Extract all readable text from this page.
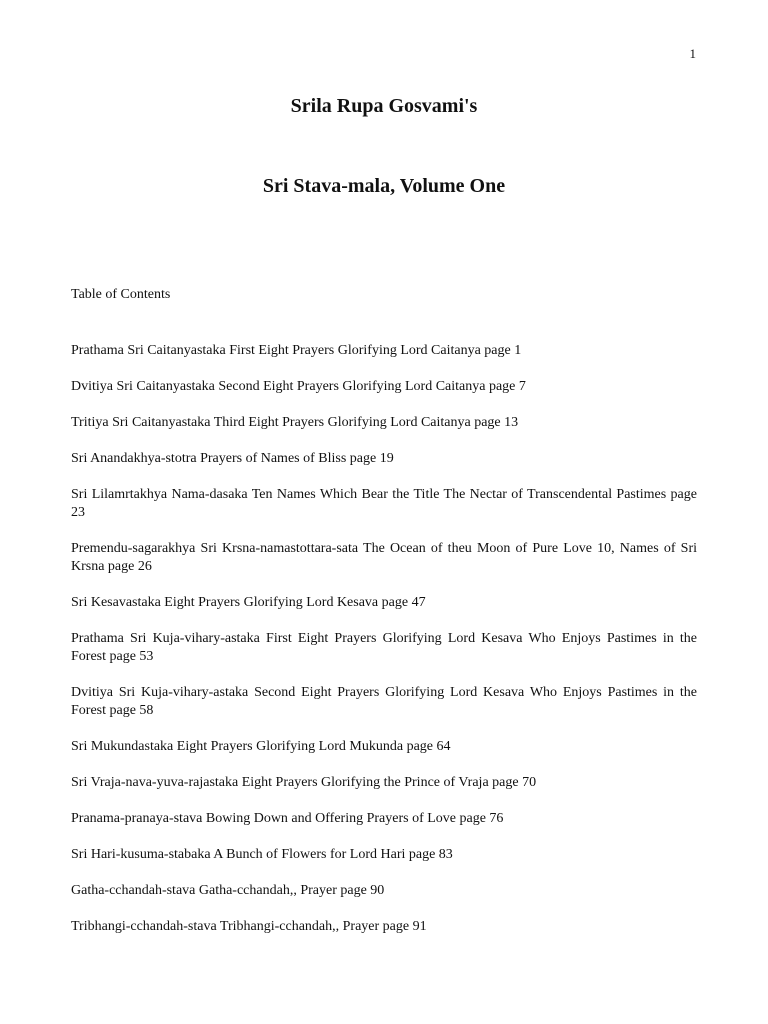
1
Srila Rupa Gosvami's
Sri Stava-mala, Volume One
Table of Contents
Prathama Sri Caitanyastaka First Eight Prayers Glorifying Lord Caitanya page 1
Dvitiya Sri Caitanyastaka Second Eight Prayers Glorifying Lord Caitanya page 7
Tritiya Sri Caitanyastaka Third Eight Prayers Glorifying Lord Caitanya page 13
Sri Anandakhya-stotra Prayers of Names of Bliss page 19
Sri Lilamrtakhya Nama-dasaka Ten Names Which Bear the Title The Nectar of Transcendental Pastimes page 23
Premendu-sagarakhya Sri Krsna-namastottara-sata The Ocean of theu Moon of Pure Love 10, Names of Sri Krsna page 26
Sri Kesavastaka Eight Prayers Glorifying Lord Kesava page 47
Prathama Sri Kuja-vihary-astaka First Eight Prayers Glorifying Lord Kesava Who Enjoys Pastimes in the Forest page 53
Dvitiya Sri Kuja-vihary-astaka Second Eight Prayers Glorifying Lord Kesava Who Enjoys Pastimes in the Forest page 58
Sri Mukundastaka Eight Prayers Glorifying Lord Mukunda page 64
Sri Vraja-nava-yuva-rajastaka Eight Prayers Glorifying the Prince of Vraja page 70
Pranama-pranaya-stava Bowing Down and Offering Prayers of Love page 76
Sri Hari-kusuma-stabaka A Bunch of Flowers for Lord Hari page 83
Gatha-cchandah-stava Gatha-cchandah,, Prayer page 90
Tribhangi-cchandah-stava Tribhangi-cchandah,, Prayer page 91
